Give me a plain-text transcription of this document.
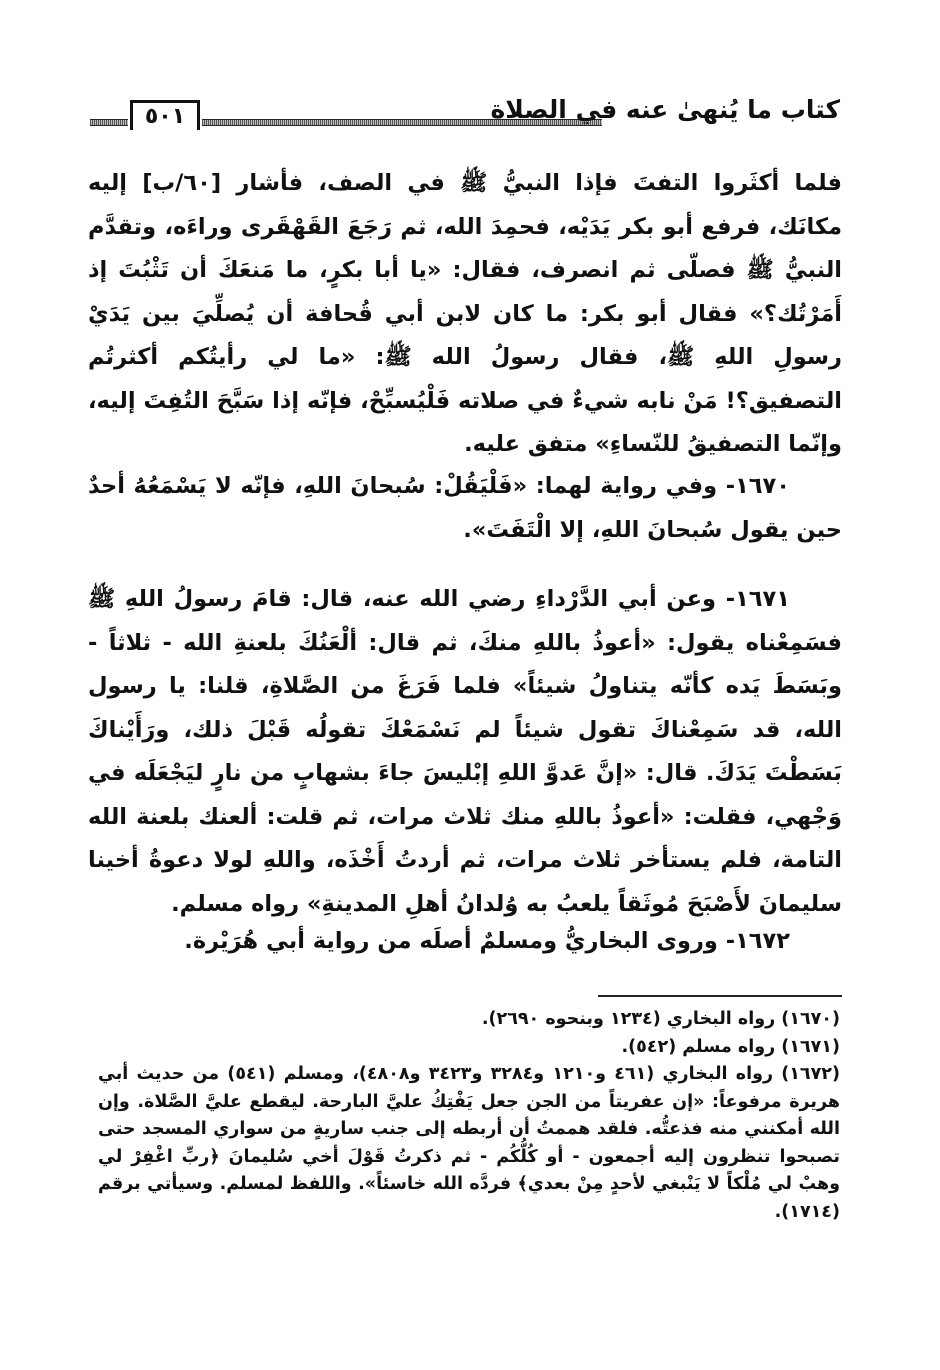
٥٠١	كتاب ما يُنهىٰ عنه في الصلاة

فلما أكثَروا التفتَ فإذا النبيُّ ﷺ في الصف، فأشار [٦٠/ب] إليه مكانَك، فرفع أبو بكر يَدَيْه، فحمِدَ الله، ثم رَجَعَ القَهْقَرى وراءَه، وتقدَّم النبيُّ ﷺ فصلّى ثم انصرف، فقال: «يا أبا بكرٍ، ما مَنعَكَ أن تَثْبُتَ إذ أَمَرْتُك؟» فقال أبو بكر: ما كان لابن أبي قُحافة أن يُصلِّيَ بين يَدَيْ رسولِ اللهِ ﷺ، فقال رسولُ الله ﷺ: «ما لي رأيتُكم أكثرتُم التصفيق؟! مَنْ نابه شيءٌ في صلاته فَلْيُسبِّحْ، فإنّه إذا سَبَّحَ التُفِتَ إليه، وإنّما التصفيقُ للنّساءِ» متفق عليه.

١٦٧٠- وفي رواية لهما: «فَلْيَقُلْ: سُبحانَ اللهِ، فإنّه لا يَسْمَعُهُ أحدٌ حين يقول سُبحانَ اللهِ، إلا الْتَفَتَ».

١٦٧١- وعن أبي الدَّرْداءِ رضي الله عنه، قال: قامَ رسولُ اللهِ ﷺ فسَمِعْناه يقول: «أعوذُ باللهِ منكَ، ثم قال: ألْعَنُكَ بلعنةِ الله - ثلاثاً - وبَسَطَ يَده كأنّه يتناولُ شيئاً» فلما فَرَغَ من الصَّلاةِ، قلنا: يا رسول الله، قد سَمِعْناكَ تقول شيئاً لم نَسْمَعْكَ تقولُه قَبْلَ ذلك، ورَأَيْناكَ بَسَطْتَ يَدَكَ. قال: «إنَّ عَدوَّ اللهِ إبْليسَ جاءَ بشهابٍ من نارٍ ليَجْعَلَه في وَجْهي، فقلت: «أعوذُ باللهِ منك ثلاث مرات، ثم قلت: ألعنك بلعنة الله التامة، فلم يستأخر ثلاث مرات، ثم أردتُ أَخْذَه، واللهِ لولا دعوةُ أخينا سليمانَ لأَصْبَحَ مُوثَقاً يلعبُ به وُلدانُ أهلِ المدينةِ» رواه مسلم.

١٦٧٢- وروى البخاريُّ ومسلمٌ أصلَه من رواية أبي هُرَيْرة.

(١٦٧٠) رواه البخاري (١٢٣٤ وبنحوه ٢٦٩٠).

(١٦٧١) رواه مسلم (٥٤٢).

(١٦٧٢) رواه البخاري (٤٦١ و١٢١٠ و٣٢٨٤ و٣٤٢٣ و٤٨٠٨)، ومسلم (٥٤١) من حديث أبي هريرة مرفوعاً: «إن عفريتاً من الجن جعل يَفْتِكُ عليَّ البارحة. ليقطع عليَّ الصَّلاة. وإن الله أمكنني منه فذعتُّه. فلقد هممتُ أن أربطه إلى جنب ساريةٍ من سواري المسجد حتى تصبحوا تنظرون إليه أجمعون - أو كُلُّكُم - ثم ذكرتُ قَوْلَ أخي سُليمانَ ﴿ربِّ اغْفِرْ لي وهبْ لي مُلْكاً لا يَنْبغي لأحدٍ مِنْ بعدي﴾ فردَّه الله خاسئاً». واللفظ لمسلم. وسيأتي برقم (١٧١٤).
